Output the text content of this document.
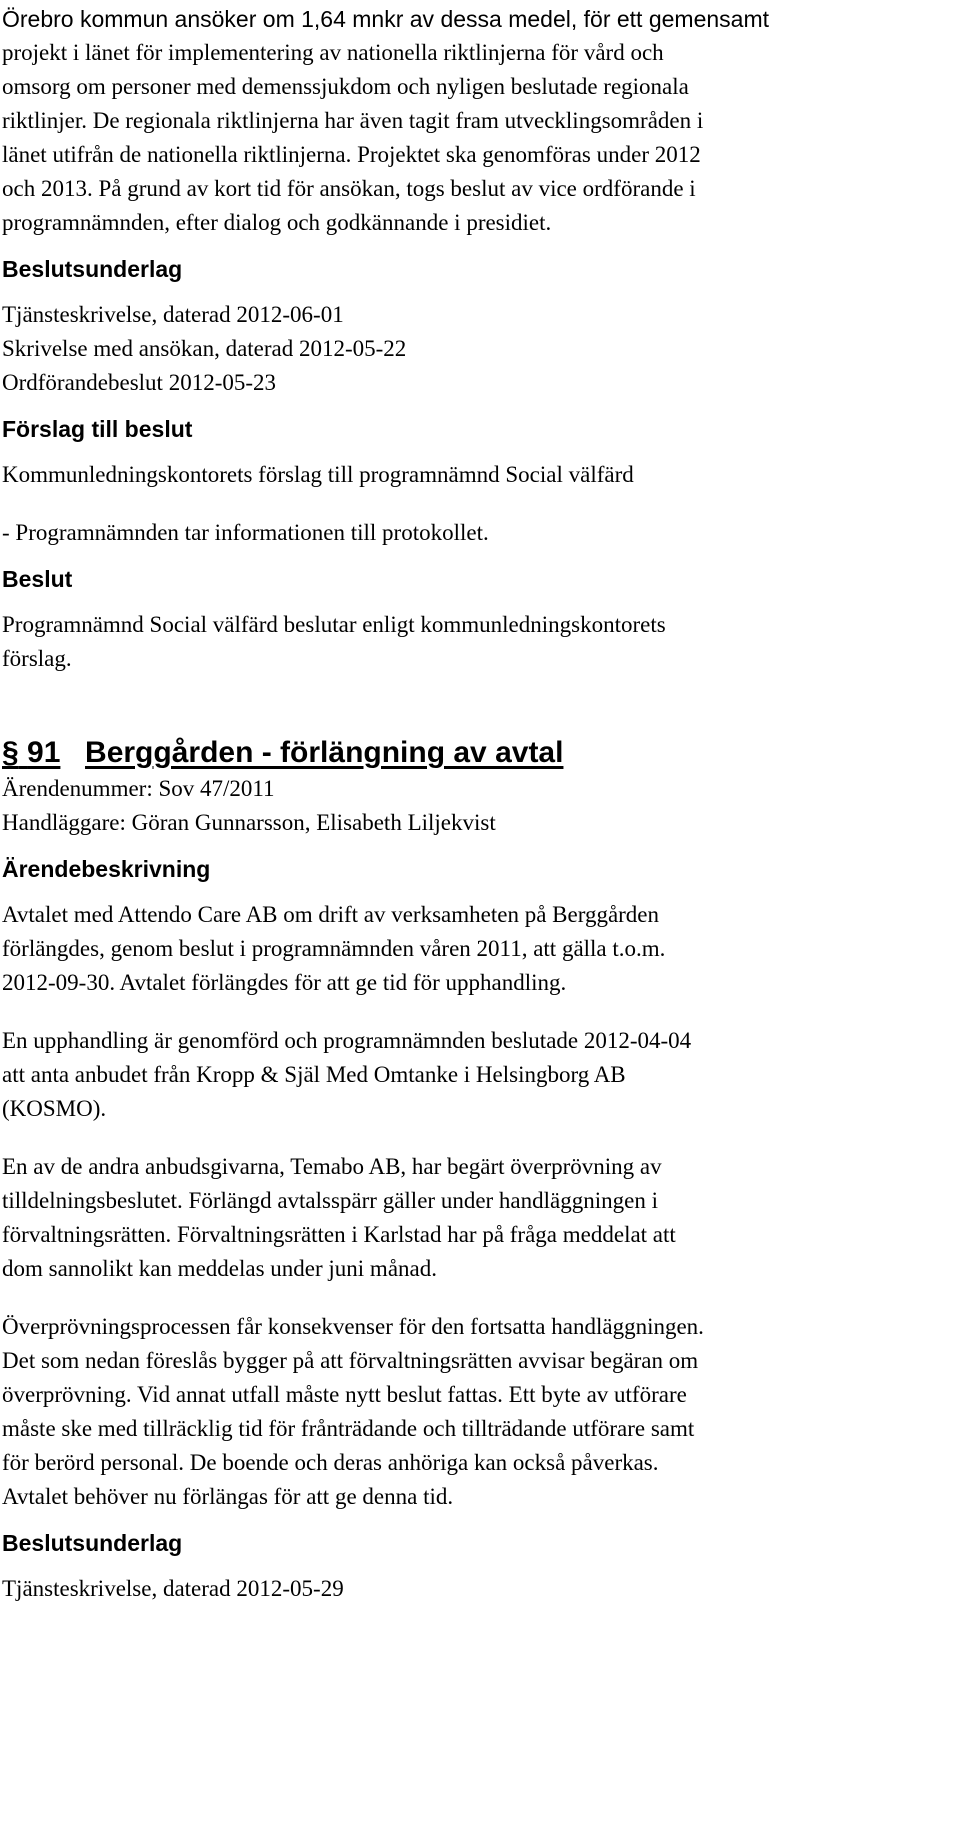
Örebro kommun ansöker om 1,64 mnkr av dessa medel, för ett gemensamt
projekt i länet för implementering av nationella riktlinjerna för vård och
omsorg om personer med demenssjukdom och nyligen beslutade regionala
riktlinjer. De regionala riktlinjerna har även tagit fram utvecklingsområden i
länet utifrån de nationella riktlinjerna. Projektet ska genomföras under 2012
och 2013. På grund av kort tid för ansökan, togs beslut av vice ordförande i
programnämnden, efter dialog och godkännande i presidiet.
Beslutsunderlag
Tjänsteskrivelse, daterad 2012-06-01
Skrivelse med ansökan, daterad 2012-05-22
Ordförandebeslut 2012-05-23
Förslag till beslut
Kommunledningskontorets förslag till programnämnd Social välfärd
- Programnämnden tar informationen till protokollet.
Beslut
Programnämnd Social välfärd beslutar enligt kommunledningskontorets
förslag.
§ 91 Berggården - förlängning av avtal
Ärendenummer: Sov 47/2011
Handläggare: Göran Gunnarsson, Elisabeth Liljekvist
Ärendebeskrivning
Avtalet med Attendo Care AB om drift av verksamheten på Berggården
förlängdes, genom beslut i programnämnden våren 2011, att gälla t.o.m.
2012-09-30. Avtalet förlängdes för att ge tid för upphandling.
En upphandling är genomförd och programnämnden beslutade 2012-04-04
att anta anbudet från Kropp & Själ Med Omtanke i Helsingborg AB
(KOSMO).
En av de andra anbudsgivarna, Temabo AB, har begärt överprövning av
tilldelningsbeslutet. Förlängd avtalsspärr gäller under handläggningen i
förvaltningsrätten. Förvaltningsrätten i Karlstad har på fråga meddelat att
dom sannolikt kan meddelas under juni månad.
Överprövningsprocessen får konsekvenser för den fortsatta handläggningen.
Det som nedan föreslås bygger på att förvaltningsrätten avvisar begäran om
överprövning. Vid annat utfall måste nytt beslut fattas. Ett byte av utförare
måste ske med tillräcklig tid för frånträdande och tillträdande utförare samt
för berörd personal. De boende och deras anhöriga kan också påverkas.
Avtalet behöver nu förlängas för att ge denna tid.
Beslutsunderlag
Tjänsteskrivelse, daterad 2012-05-29
